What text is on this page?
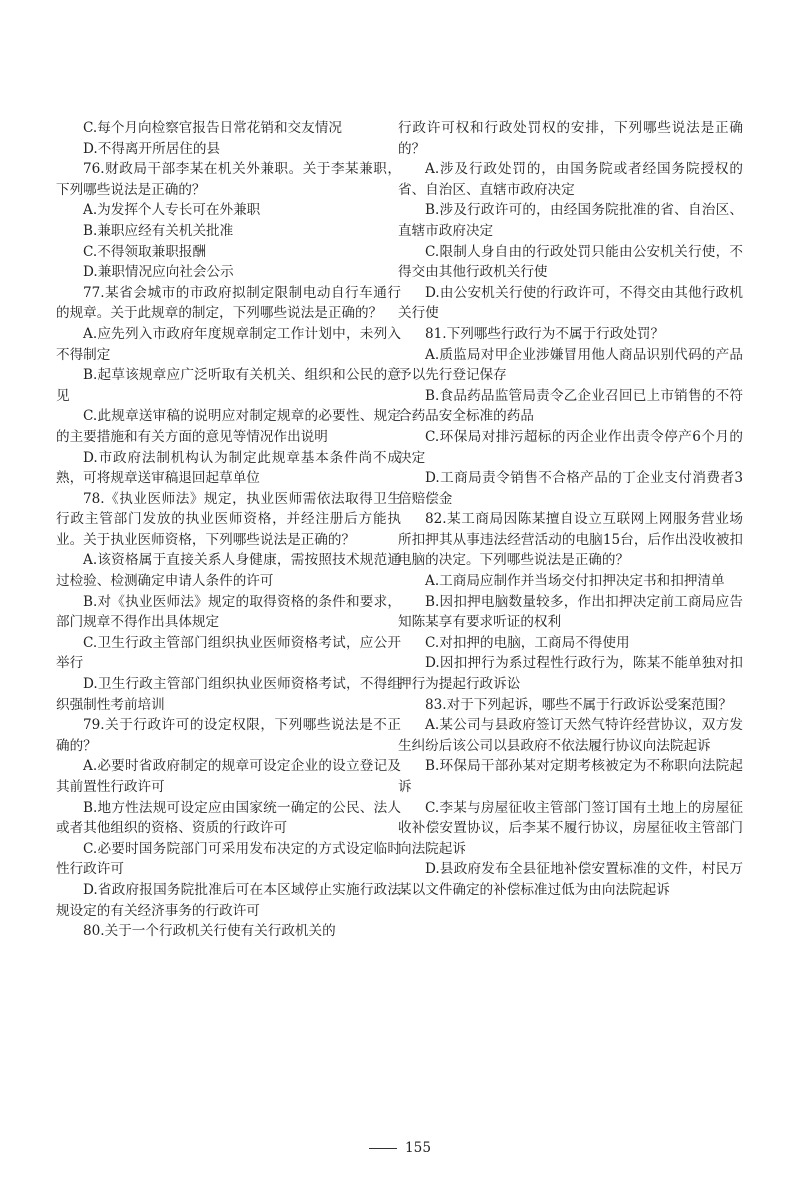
C.每个月向检察官报告日常花销和交友情况

D.不得离开所居住的县

76.财政局干部李某在机关外兼职。关于李某兼职，下列哪些说法是正确的？

A.为发挥个人专长可在外兼职

B.兼职应经有关机关批准

C.不得领取兼职报酬

D.兼职情况应向社会公示

77.某省会城市的市政府拟制定限制电动自行车通行的规章。关于此规章的制定，下列哪些说法是正确的？

A.应先列入市政府年度规章制定工作计划中，未列入不得制定

B.起草该规章应广泛听取有关机关、组织和公民的意见

C.此规章送审稿的说明应对制定规章的必要性、规定的主要措施和有关方面的意见等情况作出说明

D.市政府法制机构认为制定此规章基本条件尚不成熟，可将规章送审稿退回起草单位

78.《执业医师法》规定，执业医师需依法取得卫生行政主管部门发放的执业医师资格，并经注册后方能执业。关于执业医师资格，下列哪些说法是正确的？

A.该资格属于直接关系人身健康，需按照技术规范通过检验、检测确定申请人条件的许可

B.对《执业医师法》规定的取得资格的条件和要求，部门规章不得作出具体规定

C.卫生行政主管部门组织执业医师资格考试，应公开举行

D.卫生行政主管部门组织执业医师资格考试，不得组织强制性考前培训

79.关于行政许可的设定权限，下列哪些说法是不正确的？

A.必要时省政府制定的规章可设定企业的设立登记及其前置性行政许可

B.地方性法规可设定应由国家统一确定的公民、法人或者其他组织的资格、资质的行政许可

C.必要时国务院部门可采用发布决定的方式设定临时性行政许可

D.省政府报国务院批准后可在本区域停止实施行政法规设定的有关经济事务的行政许可

80.关于一个行政机关行使有关行政机关的

行政许可权和行政处罚权的安排，下列哪些说法是正确的？

A.涉及行政处罚的，由国务院或者经国务院授权的省、自治区、直辖市政府决定

B.涉及行政许可的，由经国务院批准的省、自治区、直辖市政府决定

C.限制人身自由的行政处罚只能由公安机关行使，不得交由其他行政机关行使

D.由公安机关行使的行政许可，不得交由其他行政机关行使

81.下列哪些行政行为不属于行政处罚？

A.质监局对甲企业涉嫌冒用他人商品识别代码的产品予以先行登记保存

B.食品药品监管局责令乙企业召回已上市销售的不符合药品安全标准的药品

C.环保局对排污超标的丙企业作出责令停产6个月的决定

D.工商局责令销售不合格产品的丁企业支付消费者3倍赔偿金

82.某工商局因陈某擅自设立互联网上网服务营业场所扣押其从事违法经营活动的电脑15台，后作出没收被扣电脑的决定。下列哪些说法是正确的？

A.工商局应制作并当场交付扣押决定书和扣押清单

B.因扣押电脑数量较多，作出扣押决定前工商局应告知陈某享有要求听证的权利

C.对扣押的电脑，工商局不得使用

D.因扣押行为系过程性行政行为，陈某不能单独对扣押行为提起行政诉讼

83.对于下列起诉，哪些不属于行政诉讼受案范围？

A.某公司与县政府签订天然气特许经营协议，双方发生纠纷后该公司以县政府不依法履行协议向法院起诉

B.环保局干部孙某对定期考核被定为不称职向法院起诉

C.李某与房屋征收主管部门签订国有土地上的房屋征收补偿安置协议，后李某不履行协议，房屋征收主管部门向法院起诉

D.县政府发布全县征地补偿安置标准的文件，村民万某以文件确定的补偿标准过低为由向法院起诉

155
